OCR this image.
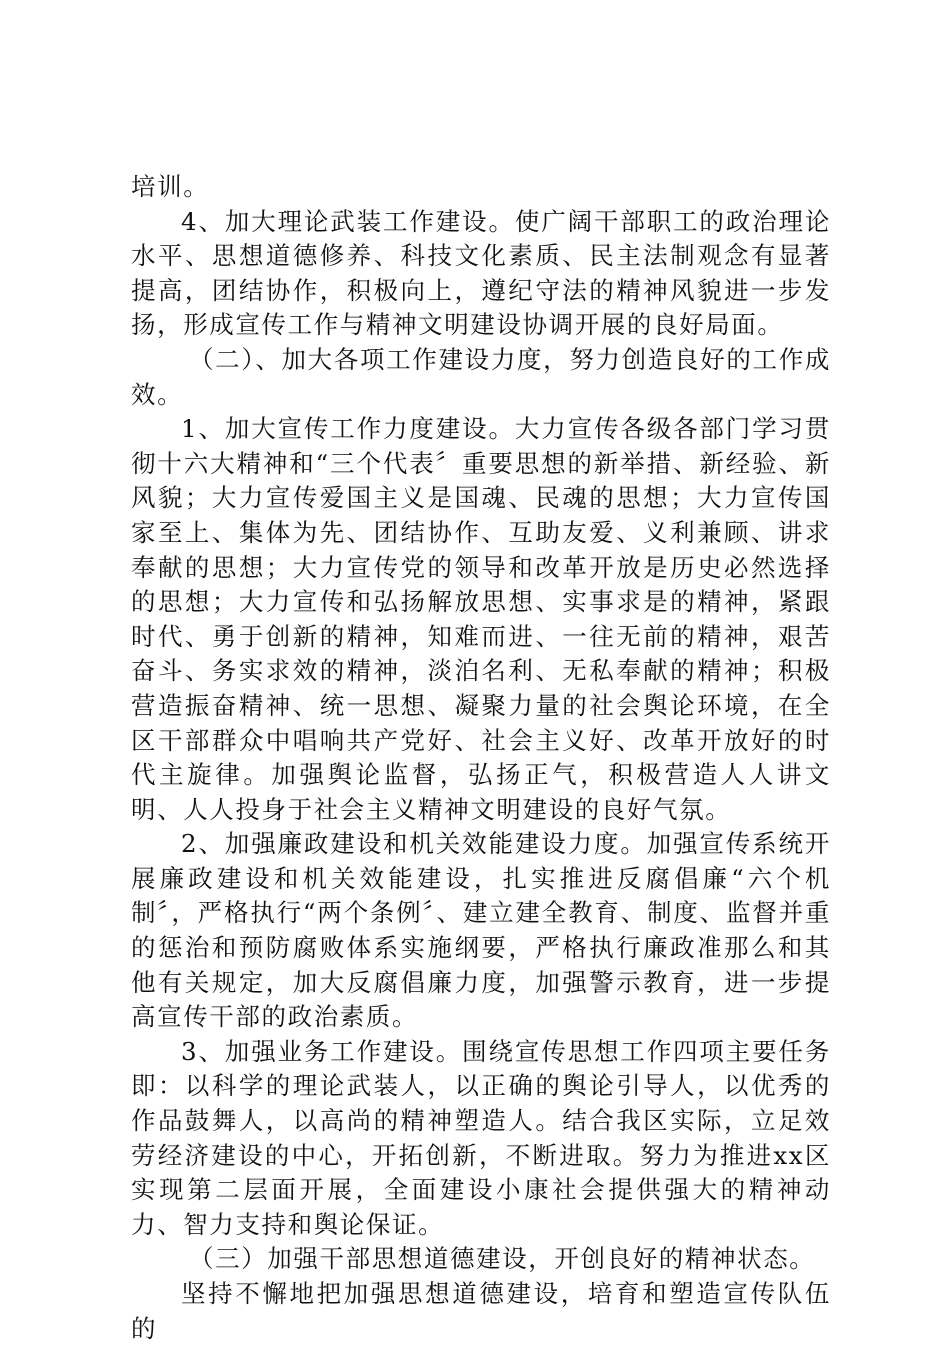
培训。

4、加大理论武装工作建设。使广阔干部职工的政治理论水平、思想道德修养、科技文化素质、民主法制观念有显著提高，团结协作，积极向上，遵纪守法的精神风貌进一步发扬，形成宣传工作与精神文明建设协调开展的良好局面。

（二）、加大各项工作建设力度，努力创造良好的工作成效。

1、加大宣传工作力度建设。大力宣传各级各部门学习贯彻十六大精神和“三个代表〞重要思想的新举措、新经验、新风貌；大力宣传爱国主义是国魂、民魂的思想；大力宣传国家至上、集体为先、团结协作、互助友爱、义利兼顾、讲求奉献的思想；大力宣传党的领导和改革开放是历史必然选择的思想；大力宣传和弘扬解放思想、实事求是的精神，紧跟时代、勇于创新的精神，知难而进、一往无前的精神，艰苦奋斗、务实求效的精神，淡泊名利、无私奉献的精神；积极营造振奋精神、统一思想、凝聚力量的社会舆论环境，在全区干部群众中唱响共产党好、社会主义好、改革开放好的时代主旋律。加强舆论监督，弘扬正气，积极营造人人讲文明、人人投身于社会主义精神文明建设的良好气氛。

2、加强廉政建设和机关效能建设力度。加强宣传系统开展廉政建设和机关效能建设，扎实推进反腐倡廉“六个机制〞，严格执行“两个条例〞、建立建全教育、制度、监督并重的惩治和预防腐败体系实施纲要，严格执行廉政准那么和其他有关规定，加大反腐倡廉力度，加强警示教育，进一步提高宣传干部的政治素质。

3、加强业务工作建设。围绕宣传思想工作四项主要任务即：以科学的理论武装人，以正确的舆论引导人，以优秀的作品鼓舞人，以高尚的精神塑造人。结合我区实际，立足效劳经济建设的中心，开拓创新，不断进取。努力为推进xx区实现第二层面开展，全面建设小康社会提供强大的精神动力、智力支持和舆论保证。

（三）加强干部思想道德建设，开创良好的精神状态。

坚持不懈地把加强思想道德建设，培育和塑造宣传队伍的
